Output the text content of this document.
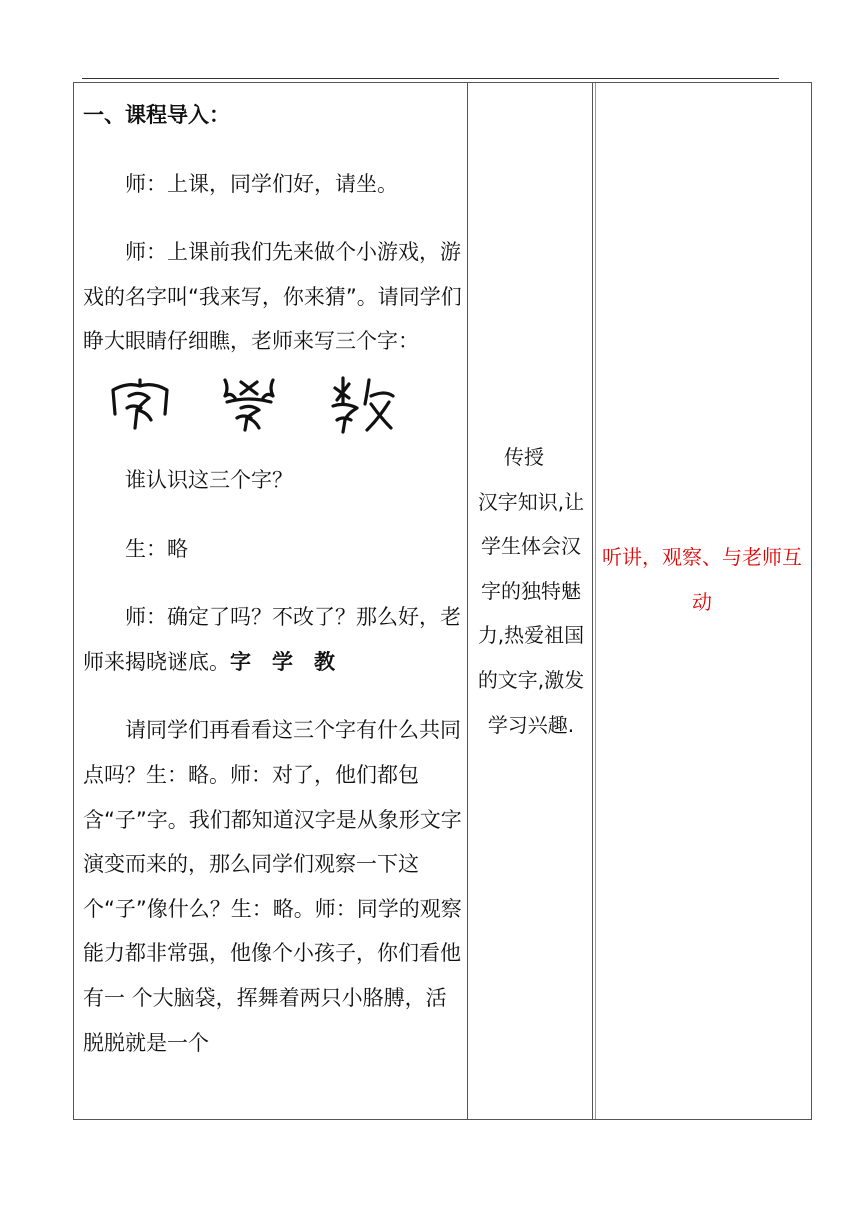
一、课程导入：

师：上课，同学们好，请坐。

师：上课前我们先来做个小游戏，游戏的名字叫“我来写，你来猜”。请同学们睁大眼睛仔细瞧，老师来写三个字：

谁认识这三个字？

生：略

师：确定了吗？不改了？那么好，老师来揭晓谜底。字　学　教

请同学们再看看这三个字有什么共同点吗？生：略。师：对了，他们都包含“子”字。我们都知道汉字是从象形文字演变而来的，那么同学们观察一下这个“子”像什么？生：略。师：同学的观察能力都非常强，他像个小孩子，你们看他有一 个大脑袋，挥舞着两只小胳膊，活脱脱就是一个

传授
汉字知识,让学生体会汉字的独特魅力,热爱祖国的文字,激发学习兴趣.
听讲，观察、与老师互动
